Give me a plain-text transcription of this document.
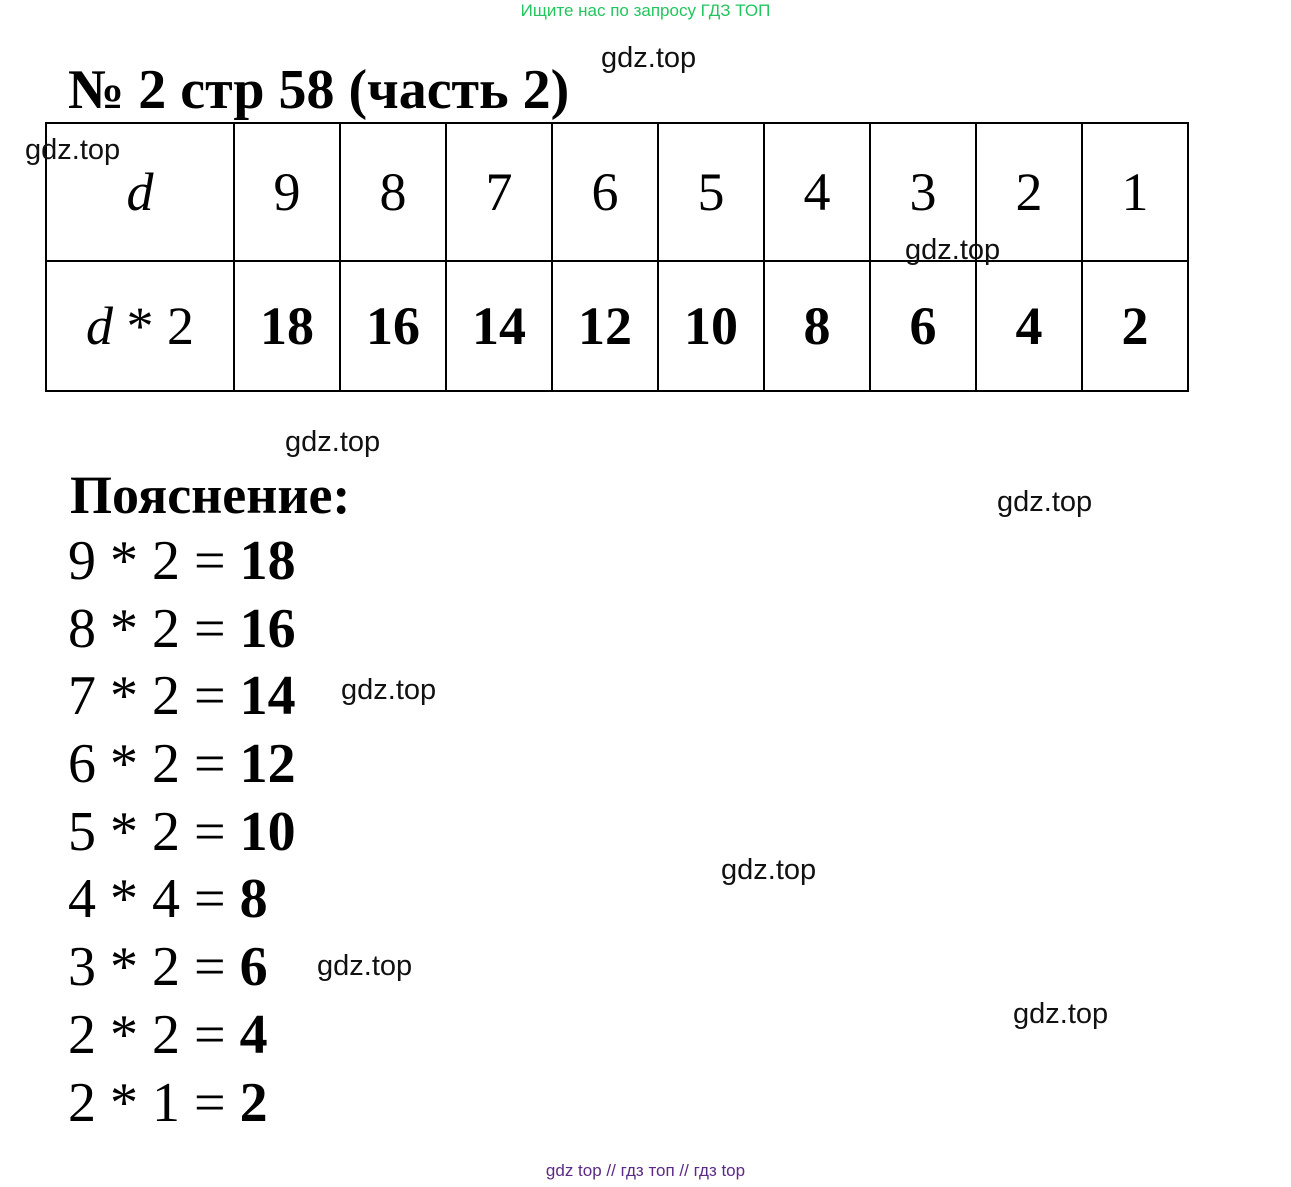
Ищите нас по запросу ГДЗ ТОП
№ 2 стр 58 (часть 2)
d	9	8	7	6	5	4	3	2	1
d * 2	18	16	14	12	10	8	6	4	2
Пояснение:
9 * 2 = 18
8 * 2 = 16
7 * 2 = 14
6 * 2 = 12
5 * 2 = 10
4 * 4 = 8
3 * 2 = 6
2 * 2 = 4
2 * 1 = 2
gdz.top
gdz.top
gdz.top
gdz.top
gdz.top
gdz.top
gdz.top
gdz.top
gdz.top
gdz top // гдз топ // гдз top
